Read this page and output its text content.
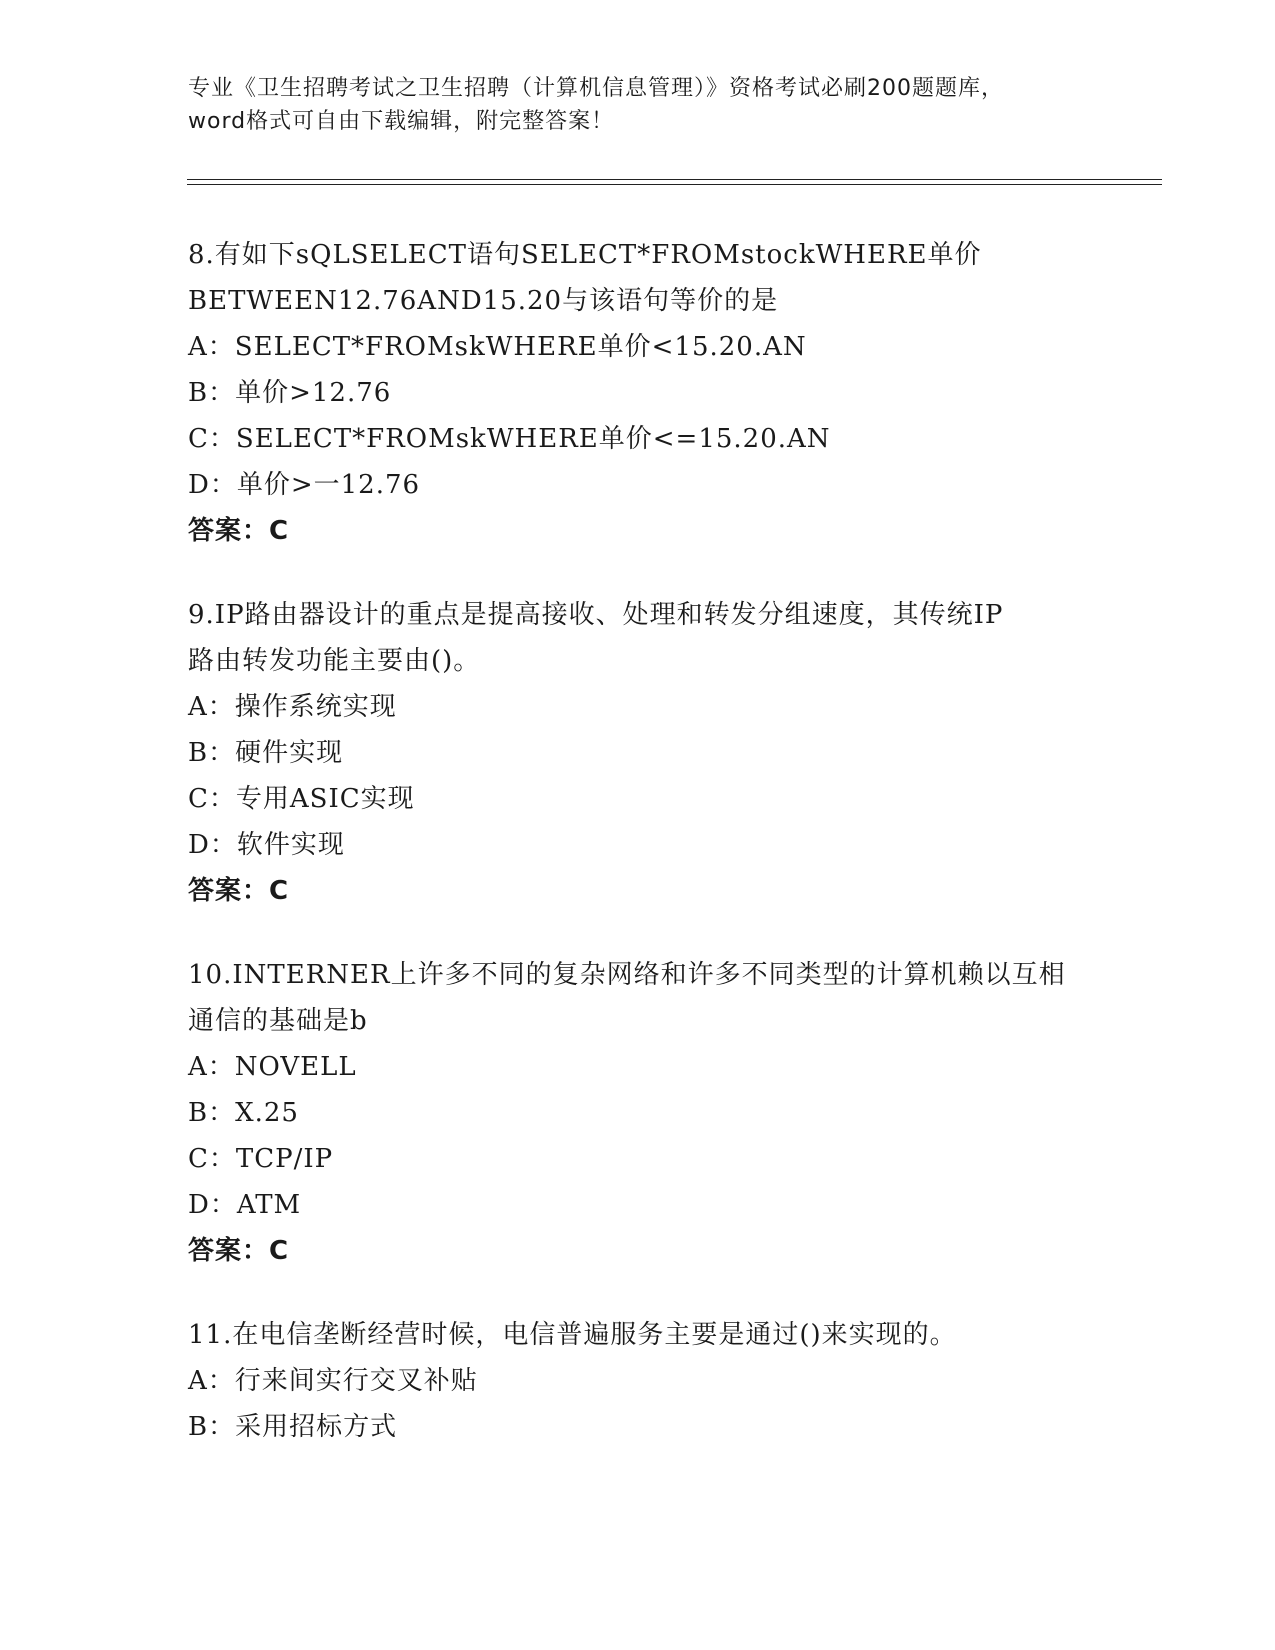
专业《卫生招聘考试之卫生招聘（计算机信息管理）》资格考试必刷200题题库，
word格式可自由下载编辑，附完整答案！
8.有如下sQLSELECT语句SELECT*FROMstockWHERE单价
BETWEEN12.76AND15.20与该语句等价的是
A：SELECT*FROMskWHERE单价<15.20.AN
B：单价>12.76
C：SELECT*FROMskWHERE单价<=15.20.AN
D：单价>一12.76
答案：C
9.IP路由器设计的重点是提高接收、处理和转发分组速度，其传统IP
路由转发功能主要由()。
A：操作系统实现
B：硬件实现
C：专用ASIC实现
D：软件实现
答案：C
10.INTERNER上许多不同的复杂网络和许多不同类型的计算机赖以互相
通信的基础是b
A：NOVELL
B：X.25
C：TCP/IP
D：ATM
答案：C
11.在电信垄断经营时候，电信普遍服务主要是通过()来实现的。
A：行来间实行交叉补贴
B：采用招标方式
